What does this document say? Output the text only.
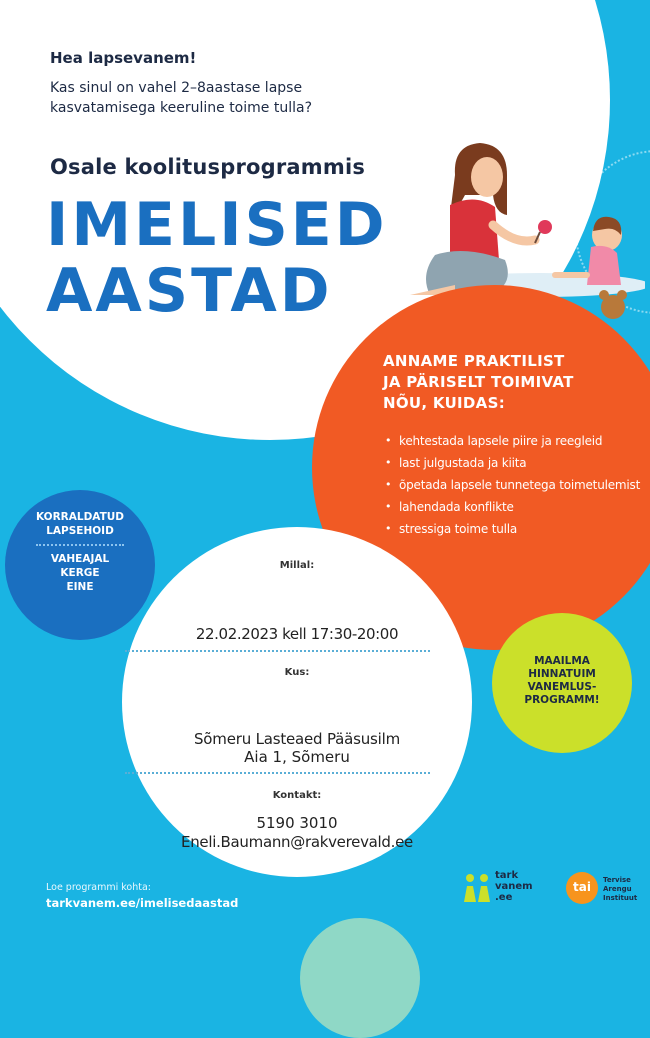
Hea lapsevanem!

Kas sinul on vahel 2–8aastase lapse

kasvatamisega keeruline toime tulla?

Osale koolitusprogrammis

IMELISED

AASTAD

ANNAME PRAKTILIST

JA PÄRISELT TOIMIVAT

NÕU, KUIDAS:

• kehtestada lapsele piire ja reegleid
• last julgustada ja kiita
• õpetada lapsele tunnetega toimetulemist
• lahendada konflikte
• stressiga toime tulla
KORRALDATUD
LAPSEHOID
VAHEAJAL
KERGE
EINE
Millal:
22.02.2023 kell 17:30-20:00
Kus:
Sõmeru Lasteaed Pääsusilm
Aia 1, Sõmeru
Kontakt:
5190 3010
Eneli.Baumann@rakverevald.ee
MAAILMA
HINNATUIM
VANEMLUS-
PROGRAMM!

Loe programmi kohta:

tarkvanem.ee/imelisedaastad

tark
vanem
.ee
tai	Tervise
Arengu
Instituut
